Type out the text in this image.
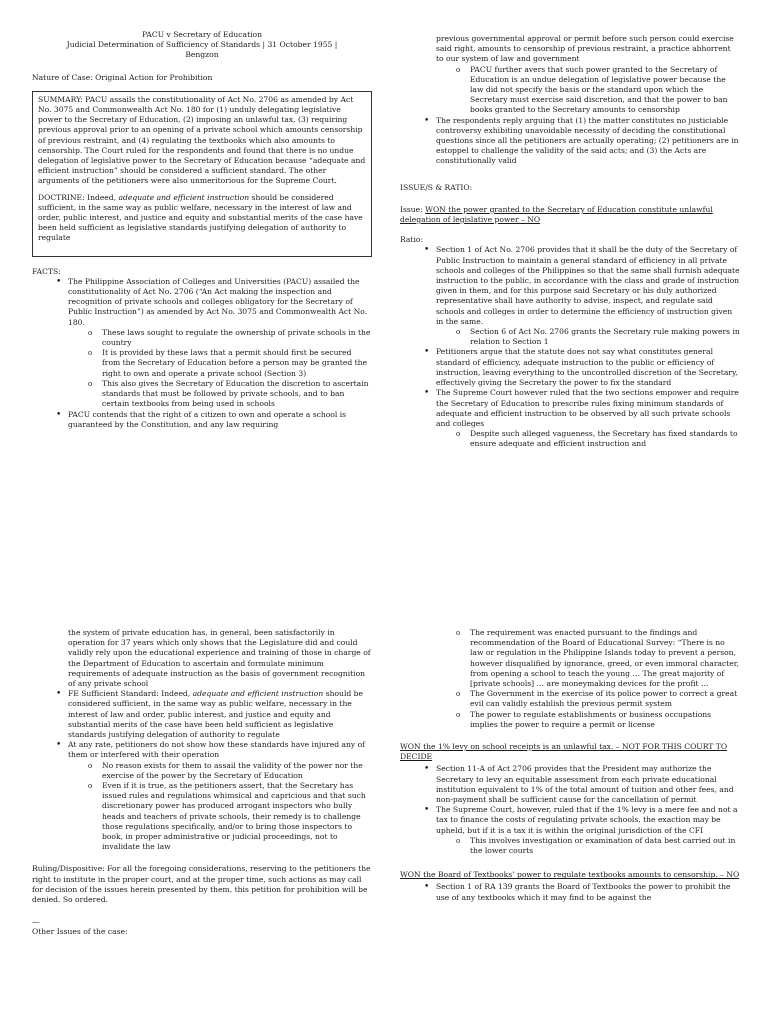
PACU v Secretary of Education
Judicial Determination of Sufficiency of Standards | 31 October 1955 |
Bengzon

Nature of Case: Original Action for Prohibition

SUMMARY: PACU assails the constitutionality of Act No. 2706 as amended by Act No. 3075 and Commonwealth Act No. 180 for (1) unduly delegating legislative power to the Secretary of Education, (2) imposing an unlawful tax, (3) requiring previous approval prior to an opening of a private school which amounts censorship of previous restraint, and (4) regulating the textbooks which also amounts to censorship. The Court ruled for the respondents and found that there is no undue delegation of legislative power to the Secretary of Education because “adequate and efficient instruction” should be considered a sufficient standard. The other arguments of the petitioners were also unmeritorious for the Supreme Court.

DOCTRINE: Indeed, adequate and efficient instruction should be considered sufficient, in the same way as public welfare, necessary in the interest of law and order, public interest, and justice and equity and substantial merits of the case have been held sufficient as legislative standards justifying delegation of authority to regulate

FACTS:
• The Philippine Association of Colleges and Universities (PACU) assailed the constitutionality of Act No. 2706 (“An Act making the inspection and recognition of private schools and colleges obligatory for the Secretary of Public Instruction”) as amended by Act No. 3075 and Commonwealth Act No. 180.
o These laws sought to regulate the ownership of private schools in the country
o It is provided by these laws that a permit should first be secured from the Secretary of Education before a person may be granted the right to own and operate a private school (Section 3)
o This also gives the Secretary of Education the discretion to ascertain standards that must be followed by private schools, and to ban certain textbooks from being used in schools
• PACU contends that the right of a citizen to own and operate a school is guaranteed by the Constitution, and any law requiring
previous governmental approval or permit before such person could exercise said right, amounts to censorship of previous restraint, a practice abhorrent to our system of law and government
o PACU further avers that such power granted to the Secretary of Education is an undue delegation of legislative power because the law did not specify the basis or the standard upon which the Secretary must exercise said discretion, and that the power to ban books granted to the Secretary amounts to censorship
• The respondents reply arguing that (1) the matter constitutes no justiciable controversy exhibiting unavoidable necessity of deciding the constitutional questions since all the petitioners are actually operating; (2) petitioners are in estoppel to challenge the validity of the said acts; and (3) the Acts are constitutionally valid

ISSUE/S & RATIO:

Issue: WON the power granted to the Secretary of Education constitute unlawful delegation of legislative power – NO

Ratio:
• Section 1 of Act No. 2706 provides that it shall be the duty of the Secretary of Public Instruction to maintain a general standard of efficiency in all private schools and colleges of the Philippines so that the same shall furnish adequate instruction to the public, in accordance with the class and grade of instruction given in them, and for this purpose said Secretary or his duly authorized representative shall have authority to advise, inspect, and regulate said schools and colleges in order to determine the efficiency of instruction given in the same.
o Section 6 of Act No. 2706 grants the Secretary rule making powers in relation to Section 1
• Petitioners argue that the statute does not say what constitutes general standard of efficiency, adequate instruction to the public or efficiency of instruction, leaving everything to the uncontrolled discretion of the Secretary, effectively giving the Secretary the power to fix the standard
• The Supreme Court however ruled that the two sections empower and require the Secretary of Education to prescribe rules fixing minimum standards of adequate and efficient instruction to be observed by all such private schools and colleges
o Despite such alleged vagueness, the Secretary has fixed standards to ensure adequate and efficient instruction and
the system of private education has, in general, been satisfactorily in operation for 37 years which only shows that the Legislature did and could validly rely upon the educational experience and training of those in charge of the Department of Education to ascertain and formulate minimum requirements of adequate instruction as the basis of government recognition of any private school
• FE Sufficient Standard: Indeed, adequate and efficient instruction should be considered sufficient, in the same way as public welfare, necessary in the interest of law and order, public interest, and justice and equity and substantial merits of the case have been held sufficient as legislative standards justifying delegation of authority to regulate
• At any rate, petitioners do not show how these standards have injured any of them or interfered with their operation
o No reason exists for them to assail the validity of the power nor the exercise of the power by the Secretary of Education
o Even if it is true, as the petitioners assert, that the Secretary has issued rules and regulations whimsical and capricious and that such discretionary power has produced arrogant inspectors who bully heads and teachers of private schools, their remedy is to challenge those regulations specifically, and/or to bring those inspectors to book, in proper administrative or judicial proceedings, not to invalidate the law

Ruling/Dispositive: For all the foregoing considerations, reserving to the petitioners the right to institute in the proper court, and at the proper time, such actions as may call for decision of the issues herein presented by them, this petition for prohibition will be denied. So ordered.

—
Other Issues of the case:
o The requirement was enacted pursuant to the findings and recommendation of the Board of Educational Survey: “There is no law or regulation in the Philippine Islands today to prevent a person, however disqualified by ignorance, greed, or even immoral character, from opening a school to teach the young … The great majority of [private schools] … are moneymaking devices for the profit …
o The Government in the exercise of its police power to correct a great evil can validly establish the previous permit system
o The power to regulate establishments or business occupations implies the power to require a permit or license

WON the 1% levy on school receipts is an unlawful tax. – NOT FOR THIS COURT TO DECIDE

• Section 11-A of Act 2706 provides that the President may authorize the Secretary to levy an equitable assessment from each private educational institution equivalent to 1% of the total amount of tuition and other fees, and non-payment shall be sufficient cause for the cancellation of permit
• The Supreme Court, however, ruled that if the 1% levy is a mere fee and not a tax to finance the costs of regulating private schools, the exaction may be upheld, but if it is a tax it is within the original jurisdiction of the CFI
o This involves investigation or examination of data best carried out in the lower courts

WON the Board of Textbooks’ power to regulate textbooks amounts to censorship. – NO

• Section 1 of RA 139 grants the Board of Textbooks the power to prohibit the use of any textbooks which it may find to be against the
